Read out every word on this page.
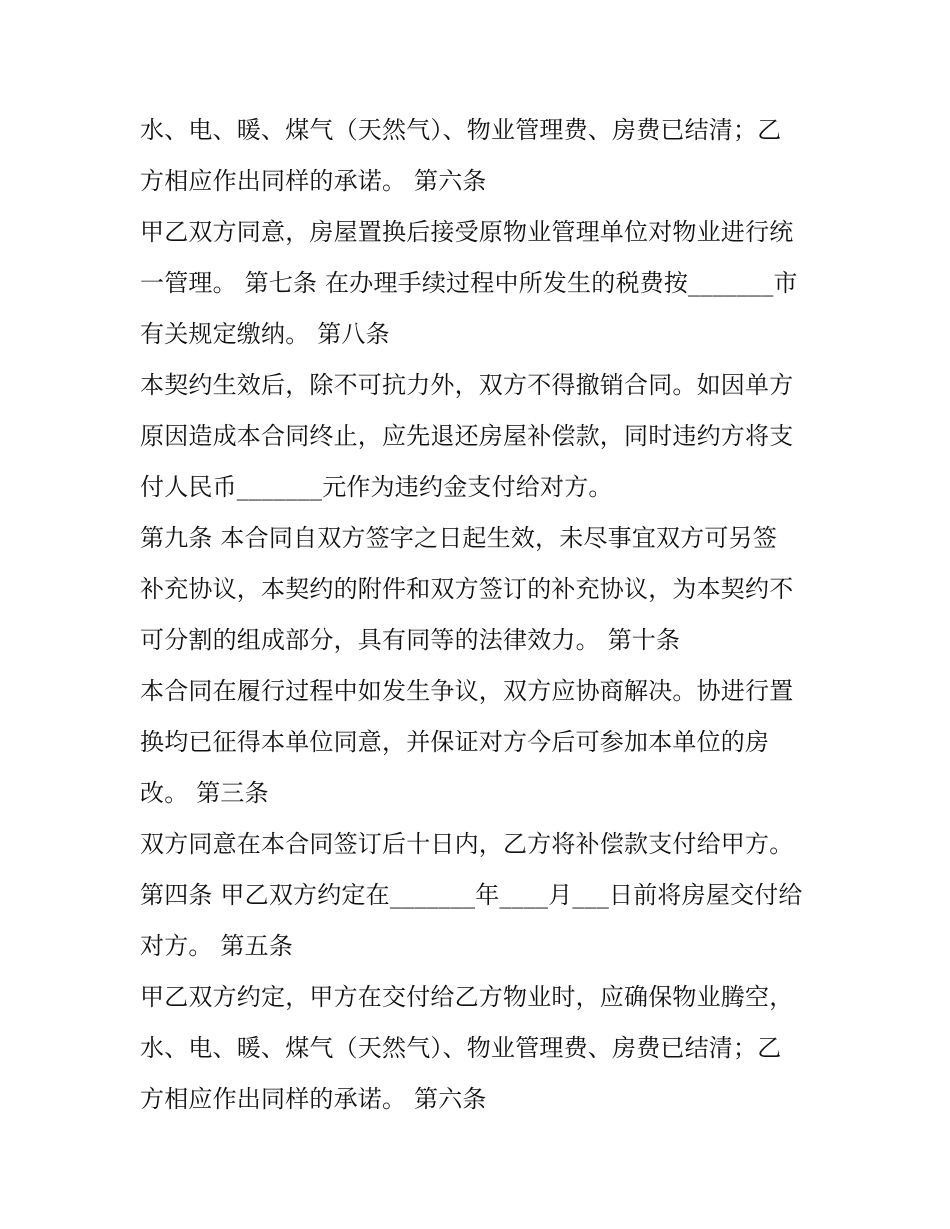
水、电、暖、煤气（天然气）、物业管理费、房费已结清；乙
方相应作出同样的承诺。 第六条
甲乙双方同意，房屋置换后接受原物业管理单位对物业进行统
一管理。 第七条 在办理手续过程中所发生的税费按_______市
有关规定缴纳。 第八条
本契约生效后，除不可抗力外，双方不得撤销合同。如因单方
原因造成本合同终止，应先退还房屋补偿款，同时违约方将支
付人民币_______元作为违约金支付给对方。
第九条 本合同自双方签字之日起生效，未尽事宜双方可另签
补充协议，本契约的附件和双方签订的补充协议，为本契约不
可分割的组成部分，具有同等的法律效力。 第十条
本合同在履行过程中如发生争议，双方应协商解决。协进行置
换均已征得本单位同意，并保证对方今后可参加本单位的房
改。 第三条
双方同意在本合同签订后十日内，乙方将补偿款支付给甲方。
第四条 甲乙双方约定在_______年____月___日前将房屋交付给
对方。 第五条
甲乙双方约定，甲方在交付给乙方物业时，应确保物业腾空，
水、电、暖、煤气（天然气）、物业管理费、房费已结清；乙
方相应作出同样的承诺。 第六条
